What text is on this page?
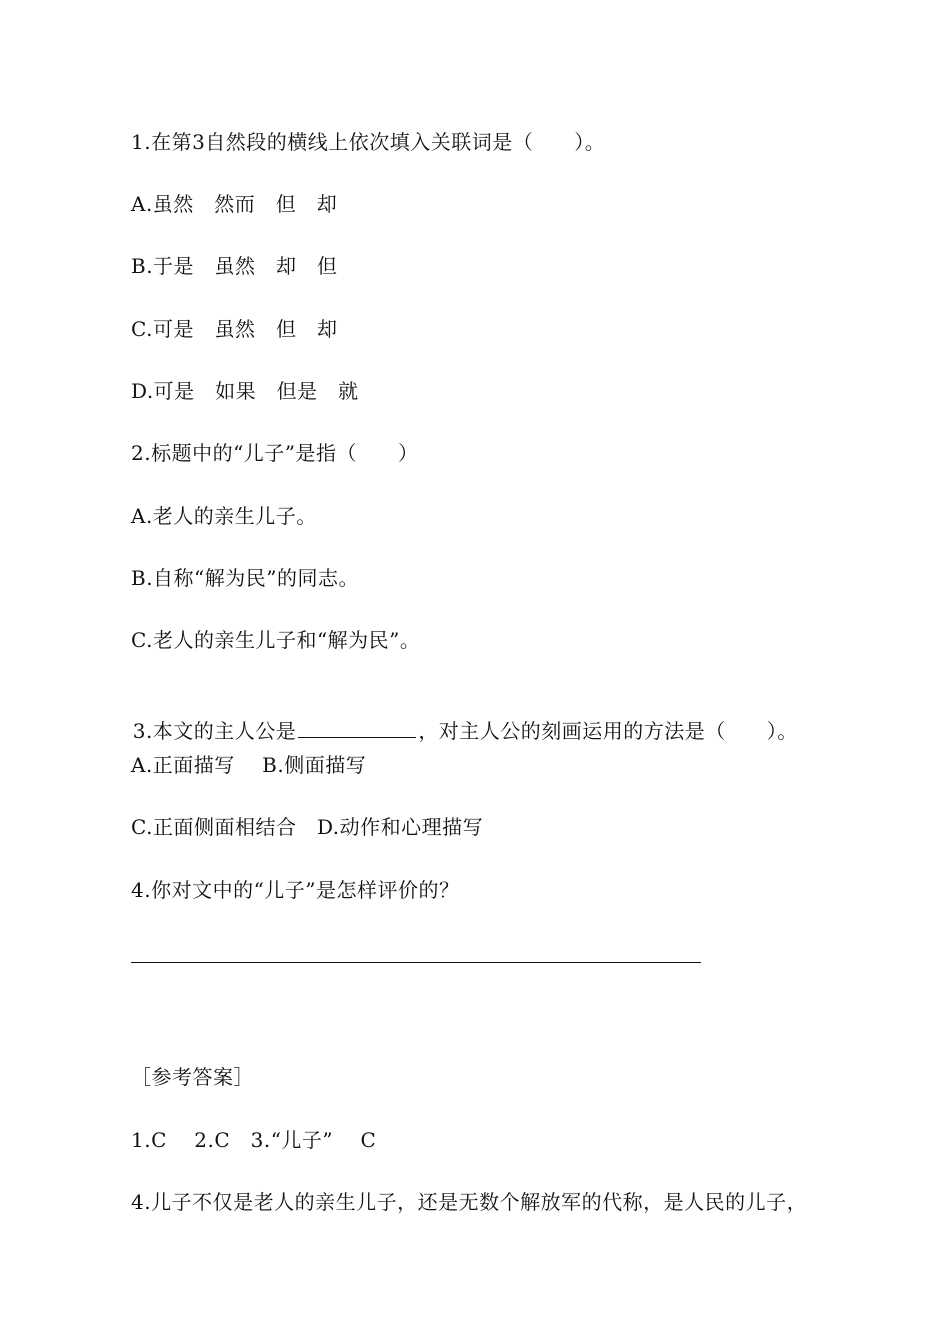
1.在第3自然段的横线上依次填入关联词是（　　）。
A.虽然　然而　但　却
B.于是　虽然　却　但
C.可是　虽然　但　却
D.可是　如果　但是　就
2.标题中的“儿子”是指（　　）
A.老人的亲生儿子。
B.自称“解为民”的同志。
C.老人的亲生儿子和“解为民”。

3.本文的主人公是	，对主人公的刻画运用的方法是（　　）。

A.正面描写　 B.侧面描写
C.正面侧面相结合　D.动作和心理描写
4.你对文中的“儿子”是怎样评价的？
［参考答案］
1.C　 2.C　3.“儿子”　 C
4.儿子不仅是老人的亲生儿子，还是无数个解放军的代称，是人民的儿子，
